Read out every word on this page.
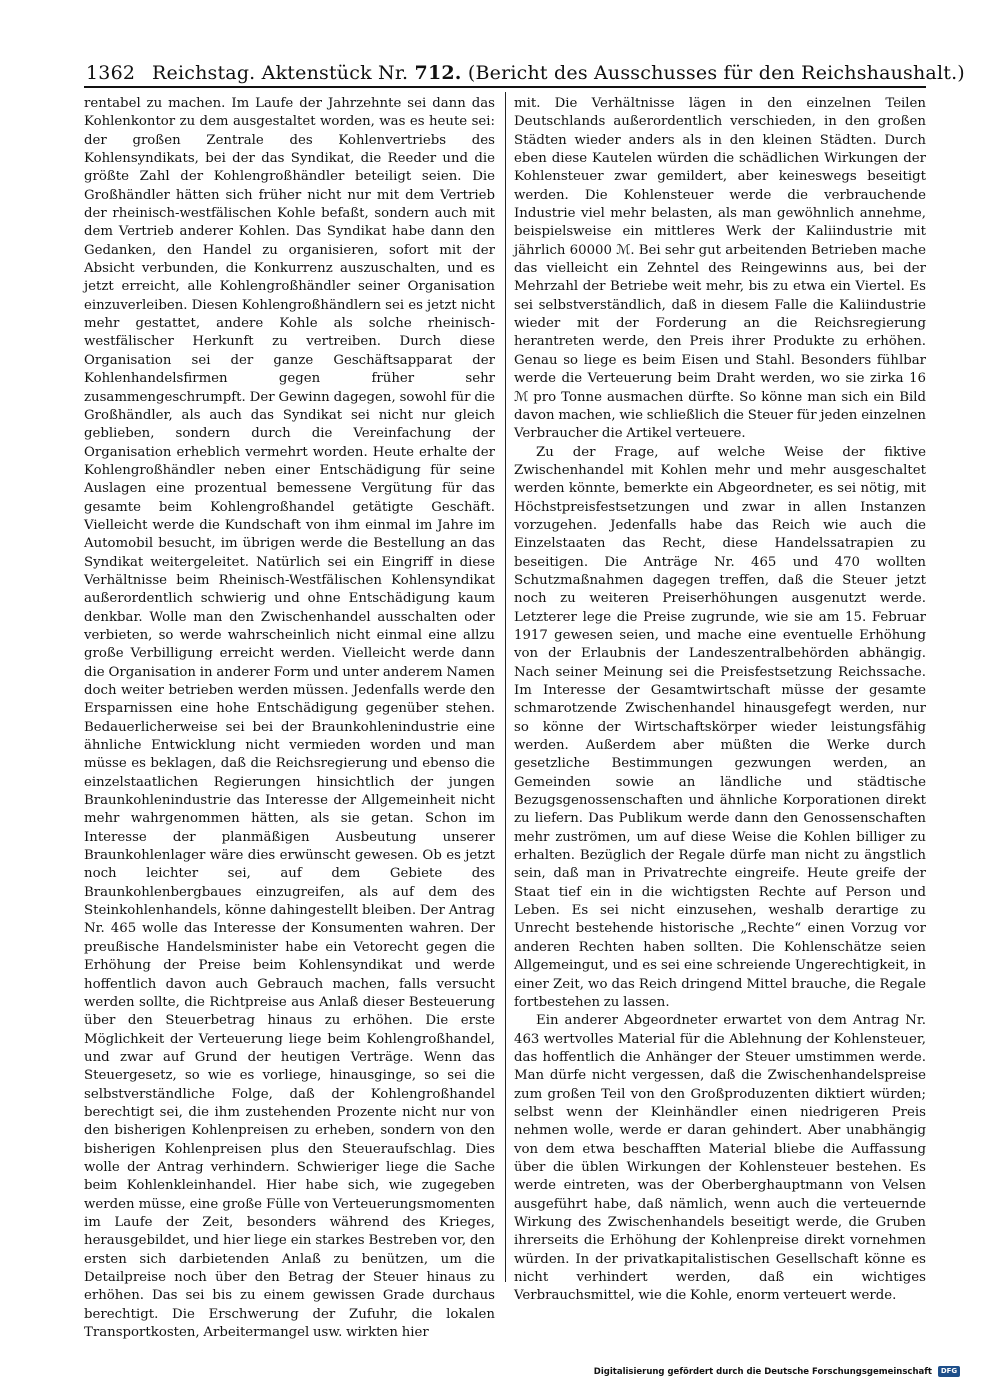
1362 Reichstag. Aktenstück Nr. 712. (Bericht des Ausschusses für den Reichshaushalt.)

rentabel zu machen. Im Laufe der Jahrzehnte sei dann das Kohlenkontor zu dem ausgestaltet worden, was es heute sei: der großen Zentrale des Kohlenvertriebs des Kohlensyndikats, bei der das Syndikat, die Reeder und die größte Zahl der Kohlengroßhändler beteiligt seien. Die Großhändler hätten sich früher nicht nur mit dem Vertrieb der rheinisch-westfälischen Kohle befaßt, sondern auch mit dem Vertrieb anderer Kohlen. Das Syndikat habe dann den Gedanken, den Handel zu organisieren, sofort mit der Absicht verbunden, die Konkurrenz auszuschalten, und es jetzt erreicht, alle Kohlengroßhändler seiner Organisation einzuverleiben. Diesen Kohlengroßhändlern sei es jetzt nicht mehr gestattet, andere Kohle als solche rheinisch-westfälischer Herkunft zu vertreiben. Durch diese Organisation sei der ganze Geschäftsapparat der Kohlenhandelsfirmen gegen früher sehr zusammengeschrumpft. Der Gewinn dagegen, sowohl für die Großhändler, als auch das Syndikat sei nicht nur gleich geblieben, sondern durch die Vereinfachung der Organisation erheblich vermehrt worden. Heute erhalte der Kohlengroßhändler neben einer Entschädigung für seine Auslagen eine prozentual bemessene Vergütung für das gesamte beim Kohlengroßhandel getätigte Geschäft. Vielleicht werde die Kundschaft von ihm einmal im Jahre im Automobil besucht, im übrigen werde die Bestellung an das Syndikat weitergeleitet. Natürlich sei ein Eingriff in diese Verhältnisse beim Rheinisch-Westfälischen Kohlensyndikat außerordentlich schwierig und ohne Entschädigung kaum denkbar. Wolle man den Zwischenhandel ausschalten oder verbieten, so werde wahrscheinlich nicht einmal eine allzu große Verbilligung erreicht werden. Vielleicht werde dann die Organisation in anderer Form und unter anderem Namen doch weiter betrieben werden müssen. Jedenfalls werde den Ersparnissen eine hohe Entschädigung gegenüber stehen. Bedauerlicherweise sei bei der Braunkohlenindustrie eine ähnliche Entwicklung nicht vermieden worden und man müsse es beklagen, daß die Reichsregierung und ebenso die einzelstaatlichen Regierungen hinsichtlich der jungen Braunkohlenindustrie das Interesse der Allgemeinheit nicht mehr wahrgenommen hätten, als sie getan. Schon im Interesse der planmäßigen Ausbeutung unserer Braunkohlenlager wäre dies erwünscht gewesen. Ob es jetzt noch leichter sei, auf dem Gebiete des Braunkohlenbergbaues einzugreifen, als auf dem des Steinkohlenhandels, könne dahingestellt bleiben. Der Antrag Nr. 465 wolle das Interesse der Konsumenten wahren. Der preußische Handelsminister habe ein Vetorecht gegen die Erhöhung der Preise beim Kohlensyndikat und werde hoffentlich davon auch Gebrauch machen, falls versucht werden sollte, die Richtpreise aus Anlaß dieser Besteuerung über den Steuerbetrag hinaus zu erhöhen. Die erste Möglichkeit der Verteuerung liege beim Kohlengroßhandel, und zwar auf Grund der heutigen Verträge. Wenn das Steuergesetz, so wie es vorliege, hinausginge, so sei die selbstverständliche Folge, daß der Kohlengroßhandel berechtigt sei, die ihm zustehenden Prozente nicht nur von den bisherigen Kohlenpreisen zu erheben, sondern von den bisherigen Kohlenpreisen plus den Steueraufschlag. Dies wolle der Antrag verhindern. Schwieriger liege die Sache beim Kohlenkleinhandel. Hier habe sich, wie zugegeben werden müsse, eine große Fülle von Verteuerungsmomenten im Laufe der Zeit, besonders während des Krieges, herausgebildet, und hier liege ein starkes Bestreben vor, den ersten sich darbietenden Anlaß zu benützen, um die Detailpreise noch über den Betrag der Steuer hinaus zu erhöhen. Das sei bis zu einem gewissen Grade durchaus berechtigt. Die Erschwerung der Zufuhr, die lokalen Transportkosten, Arbeitermangel usw. wirkten hier

mit. Die Verhältnisse lägen in den einzelnen Teilen Deutschlands außerordentlich verschieden, in den großen Städten wieder anders als in den kleinen Städten. Durch eben diese Kautelen würden die schädlichen Wirkungen der Kohlensteuer zwar gemildert, aber keineswegs beseitigt werden. Die Kohlensteuer werde die verbrauchende Industrie viel mehr belasten, als man gewöhnlich annehme, beispielsweise ein mittleres Werk der Kaliindustrie mit jährlich 60000 ℳ. Bei sehr gut arbeitenden Betrieben mache das vielleicht ein Zehntel des Reingewinns aus, bei der Mehrzahl der Betriebe weit mehr, bis zu etwa ein Viertel. Es sei selbstverständlich, daß in diesem Falle die Kaliindustrie wieder mit der Forderung an die Reichsregierung herantreten werde, den Preis ihrer Produkte zu erhöhen. Genau so liege es beim Eisen und Stahl. Besonders fühlbar werde die Verteuerung beim Draht werden, wo sie zirka 16 ℳ pro Tonne ausmachen dürfte. So könne man sich ein Bild davon machen, wie schließlich die Steuer für jeden einzelnen Verbraucher die Artikel verteuere.

Zu der Frage, auf welche Weise der fiktive Zwischenhandel mit Kohlen mehr und mehr ausgeschaltet werden könnte, bemerkte ein Abgeordneter, es sei nötig, mit Höchstpreisfestsetzungen und zwar in allen Instanzen vorzugehen. Jedenfalls habe das Reich wie auch die Einzelstaaten das Recht, diese Handelssatrapien zu beseitigen. Die Anträge Nr. 465 und 470 wollten Schutzmaßnahmen dagegen treffen, daß die Steuer jetzt noch zu weiteren Preiserhöhungen ausgenutzt werde. Letzterer lege die Preise zugrunde, wie sie am 15. Februar 1917 gewesen seien, und mache eine eventuelle Erhöhung von der Erlaubnis der Landeszentralbehörden abhängig. Nach seiner Meinung sei die Preisfestsetzung Reichssache. Im Interesse der Gesamtwirtschaft müsse der gesamte schmarotzende Zwischenhandel hinausgefegt werden, nur so könne der Wirtschaftskörper wieder leistungsfähig werden. Außerdem aber müßten die Werke durch gesetzliche Bestimmungen gezwungen werden, an Gemeinden sowie an ländliche und städtische Bezugsgenossenschaften und ähnliche Korporationen direkt zu liefern. Das Publikum werde dann den Genossenschaften mehr zuströmen, um auf diese Weise die Kohlen billiger zu erhalten. Bezüglich der Regale dürfe man nicht zu ängstlich sein, daß man in Privatrechte eingreife. Heute greife der Staat tief ein in die wichtigsten Rechte auf Person und Leben. Es sei nicht einzusehen, weshalb derartige zu Unrecht bestehende historische „Rechte“ einen Vorzug vor anderen Rechten haben sollten. Die Kohlenschätze seien Allgemeingut, und es sei eine schreiende Ungerechtigkeit, in einer Zeit, wo das Reich dringend Mittel brauche, die Regale fortbestehen zu lassen.

Ein anderer Abgeordneter erwartet von dem Antrag Nr. 463 wertvolles Material für die Ablehnung der Kohlensteuer, das hoffentlich die Anhänger der Steuer umstimmen werde. Man dürfe nicht vergessen, daß die Zwischenhandelspreise zum großen Teil von den Großproduzenten diktiert würden; selbst wenn der Kleinhändler einen niedrigeren Preis nehmen wolle, werde er daran gehindert. Aber unabhängig von dem etwa beschafften Material bliebe die Auffassung über die üblen Wirkungen der Kohlensteuer bestehen. Es werde eintreten, was der Oberberghauptmann von Velsen ausgeführt habe, daß nämlich, wenn auch die verteuernde Wirkung des Zwischenhandels beseitigt werde, die Gruben ihrerseits die Erhöhung der Kohlenpreise direkt vornehmen würden. In der privatkapitalistischen Gesellschaft könne es nicht verhindert werden, daß ein wichtiges Verbrauchsmittel, wie die Kohle, enorm verteuert werde.

Digitalisierung gefördert durch die Deutsche Forschungsgemeinschaft	DFG
